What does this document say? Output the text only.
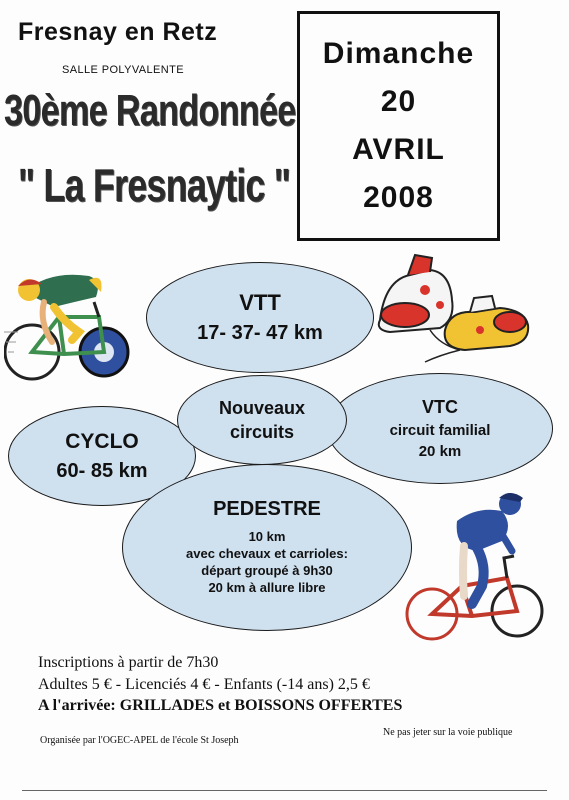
Fresnay en Retz
SALLE POLYVALENTE
30ème Randonnée
" La Fresnaytic "
Dimanche
20
AVRIL
2008
VTT
17- 37- 47 km
VTC
circuit familial
20 km
CYCLO
60- 85 km
PEDESTRE
10 km
avec chevaux et carrioles:
départ groupé à 9h30
20 km à allure libre
Nouveaux
circuits
Inscriptions à partir de 7h30
Adultes 5 € - Licenciés 4 € - Enfants (-14 ans) 2,5 €
A l'arrivée: GRILLADES et BOISSONS OFFERTES
Organisée par l'OGEC-APEL de l'école St Joseph
Ne pas jeter sur la voie publique
